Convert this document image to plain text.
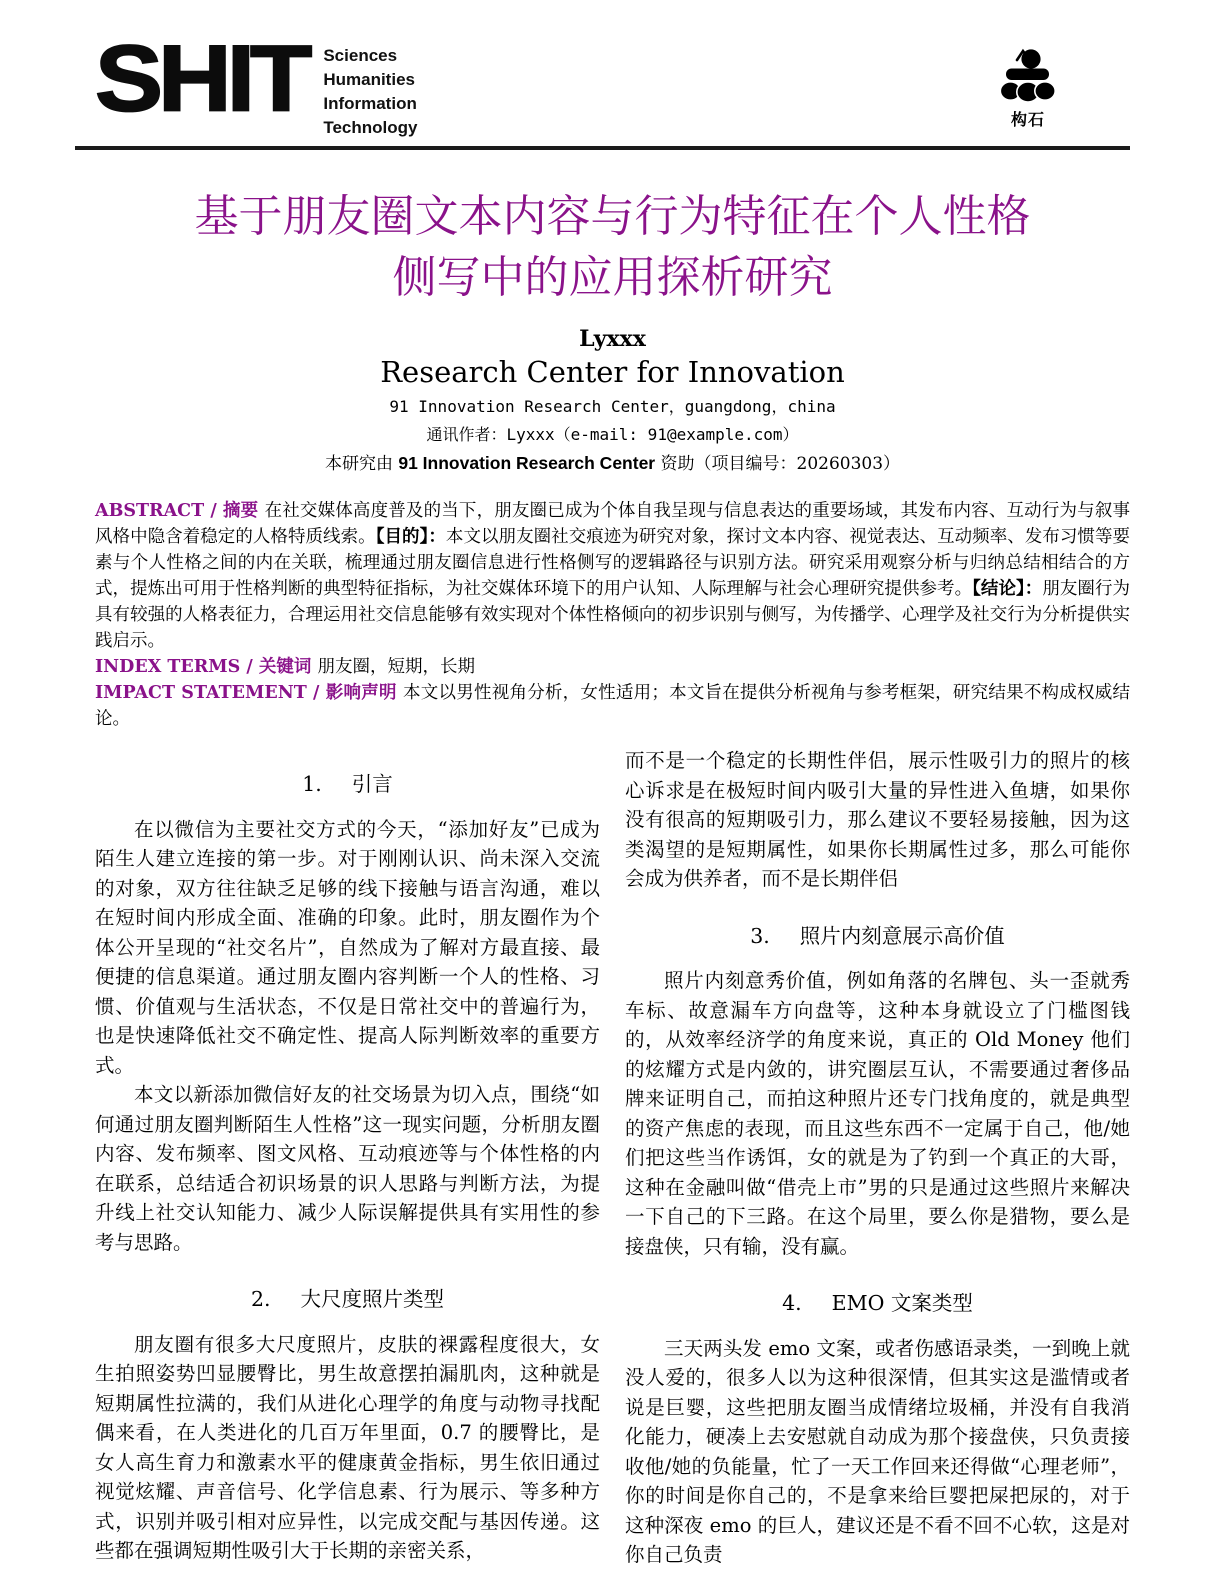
SHIT Sciences
Humanities
Information
Technology	构石
基于朋友圈文本内容与行为特征在个人性格
侧写中的应用探析研究
Lyxxx
Research Center for Innovation
91 Innovation Research Center，guangdong，china
通讯作者：Lyxxx（e-mail: 91@example.com）
本研究由 91 Innovation Research Center 资助（项目编号：20260303）

ABSTRACT / 摘要 在社交媒体高度普及的当下，朋友圈已成为个体自我呈现与信息表达的重要场域，其发布内容、互动行为与叙事风格中隐含着稳定的人格特质线索。【目的】：本文以朋友圈社交痕迹为研究对象，探讨文本内容、视觉表达、互动频率、发布习惯等要素与个人性格之间的内在关联，梳理通过朋友圈信息进行性格侧写的逻辑路径与识别方法。研究采用观察分析与归纳总结相结合的方式，提炼出可用于性格判断的典型特征指标，为社交媒体环境下的用户认知、人际理解与社会心理研究提供参考。【结论】：朋友圈行为具有较强的人格表征力，合理运用社交信息能够有效实现对个体性格倾向的初步识别与侧写，为传播学、心理学及社交行为分析提供实践启示。

INDEX TERMS / 关键词 朋友圈，短期，长期

IMPACT STATEMENT / 影响声明 本文以男性视角分析，女性适用；本文旨在提供分析视角与参考框架，研究结果不构成权威结论。

1. 引言

在以微信为主要社交方式的今天，“添加好友”已成为陌生人建立连接的第一步。对于刚刚认识、尚未深入交流的对象，双方往往缺乏足够的线下接触与语言沟通，难以在短时间内形成全面、准确的印象。此时，朋友圈作为个体公开呈现的“社交名片”，自然成为了解对方最直接、最便捷的信息渠道。通过朋友圈内容判断一个人的性格、习惯、价值观与生活状态，不仅是日常社交中的普遍行为，也是快速降低社交不确定性、提高人际判断效率的重要方式。

本文以新添加微信好友的社交场景为切入点，围绕“如何通过朋友圈判断陌生人性格”这一现实问题，分析朋友圈内容、发布频率、图文风格、互动痕迹等与个体性格的内在联系，总结适合初识场景的识人思路与判断方法，为提升线上社交认知能力、减少人际误解提供具有实用性的参考与思路。

2. 大尺度照片类型

朋友圈有很多大尺度照片，皮肤的裸露程度很大，女生拍照姿势凹显腰臀比，男生故意摆拍漏肌肉，这种就是短期属性拉满的，我们从进化心理学的角度与动物寻找配偶来看，在人类进化的几百万年里面，0.7 的腰臀比，是女人高生育力和激素水平的健康黄金指标，男生依旧通过视觉炫耀、声音信号、化学信息素、行为展示、等多种方式，识别并吸引相对应异性，以完成交配与基因传递。这些都在强调短期性吸引大于长期的亲密关系，

而不是一个稳定的长期性伴侣，展示性吸引力的照片的核心诉求是在极短时间内吸引大量的异性进入鱼塘，如果你没有很高的短期吸引力，那么建议不要轻易接触，因为这类渴望的是短期属性，如果你长期属性过多，那么可能你会成为供养者，而不是长期伴侣

3. 照片内刻意展示高价值

照片内刻意秀价值，例如角落的名牌包、头一歪就秀车标、故意漏车方向盘等，这种本身就设立了门槛图钱的，从效率经济学的角度来说，真正的 Old Money 他们的炫耀方式是内敛的，讲究圈层互认，不需要通过奢侈品牌来证明自己，而拍这种照片还专门找角度的，就是典型的资产焦虑的表现，而且这些东西不一定属于自己，他/她们把这些当作诱饵，女的就是为了钓到一个真正的大哥，这种在金融叫做“借壳上市”男的只是通过这些照片来解决一下自己的下三路。在这个局里，要么你是猎物，要么是接盘侠，只有输，没有赢。

4. EMO 文案类型

三天两头发 emo 文案，或者伤感语录类，一到晚上就没人爱的，很多人以为这种很深情，但其实这是滥情或者说是巨婴，这些把朋友圈当成情绪垃圾桶，并没有自我消化能力，硬凑上去安慰就自动成为那个接盘侠，只负责接收他/她的负能量，忙了一天工作回来还得做“心理老师”，你的时间是你自己的，不是拿来给巨婴把屎把尿的，对于这种深夜 emo 的巨人，建议还是不看不回不心软，这是对你自己负责
